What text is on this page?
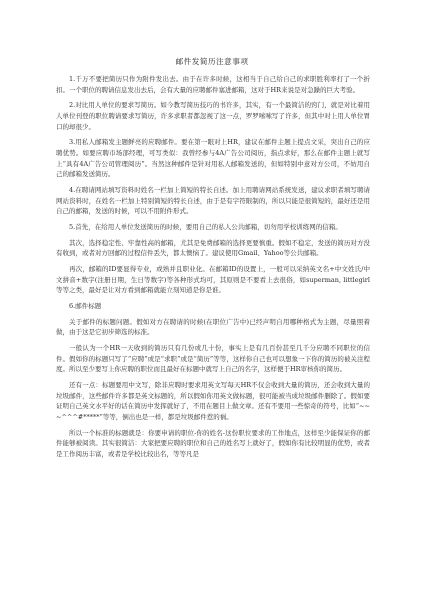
邮件发简历注意事项

1.千万不要把简历只作为附件发出去。由于在许多时候，这相当于自己给自己的求职胜利率打了一个折扣。一个职位的聘请信息发出去后，会有大量的应聘邮件塞进邮箱，这对于HR来说是对急躁的巨大考验。

2.对比用人单位的要求写简历。如今教写简历技巧的书许多，其实，有一个最简洁的窍门，就是对比着用人单位刊登的职位聘请要求写简历，许多求职者都忽视了这一点，罗罗嗦嗦写了许多，但其中对上用人单位胃口的却很少。

3.用私人邮箱发主题鲜亮的应聘邮件。要在第一眼对上HR，建议在邮件主题上提点文采，突出自己的应聘优势。如要应聘市场部经理，可写类似：我曾经参与4A广告公司阅历，指点求好，那么在邮件主题上就写上“具有4A广告公司管理阅历”。当然这种邮件是针对用私人邮箱发送的，但如特别中意对方公司，不妨用自己的邮箱发送简历。

4.在聘请网站填写资料时姓名一栏加上简短的特长自述。加上用聘请网站系统发送，建议求职者填写聘请网站资料时，在姓名一栏加上特别简短的特长自述，由于是有字符限制的，所以只能是很简短的，最好还是用自己的邮箱，发送的时候，可以不用附件形式。

5.首先，在给用人单位发送简历的时候，要用自己的私人公共邮箱，切勿用学校训练网的信箱。

其次，选择稳定性、牢靠性高的邮箱，尤其是免费邮箱的选择更要慎重。假如不稳定，发送的简历对方没有收到，或者对方回邮的过程信件丢失，都太懊恼了。建议使用Gmail、Yahoo等公共邮箱。

再次，邮箱的ID要显得专业，或熟并且职业化。在邮箱ID的设置上，一般可以采纳英文名+中文姓氏/中文拼音+数字(注册日期，生日等数字)等各种形式均可，其原则是不要看上去很俗，如superman, littlegirl等等之类，最好是让对方看到邮箱就能立刻知道是你是谁。

6.邮件标题

关于邮件的标题问题。假如对方在聘请的时候(在职位广告中)已经声明自用哪种格式为主题，尽量照着做，由于这是它初步筛选的标准。

一般认为一个HR一天收到的简历只有几份或几十份，事实上是有几百份甚至几千分应聘不同职位的信件。假如你的标题只写了“应聘”或是“求职”或是“简历”等等，这样你自己也可以想象一下你的简历的被关注程度。所以至少要写上你应聘的职位而且最好在标题中就写上自己的名字，这样便于HR审核你的简历。

还有一点：标题要用中文写，除非应聘时要求用英文写每天HR不仅会收到大量的简历，还会收到大量的垃圾邮件，这些邮件许多都是英文标题的，所以假如你用英文做标题，很可能被当成垃圾邮件删除了。假如要证明自己英文水平好的话在简历中发挥就好了，不用在题目上做文章。还有不要用一些惊奇的符号，比如“~~~^^^#*****”等等，倒出也是一样，都是垃圾邮件惹的祸。

所以一个标准的标题就是：你要申请的职位-你的姓名-这份职位要求的工作地点，这样至少能保证你的邮件能够被阅读。其实很简洁：大家把要应聘的职位和自己的姓名写上就好了，假如你有比较明显的优势，或者是工作阅历丰富，或者是学校比较出名，等等凡是
